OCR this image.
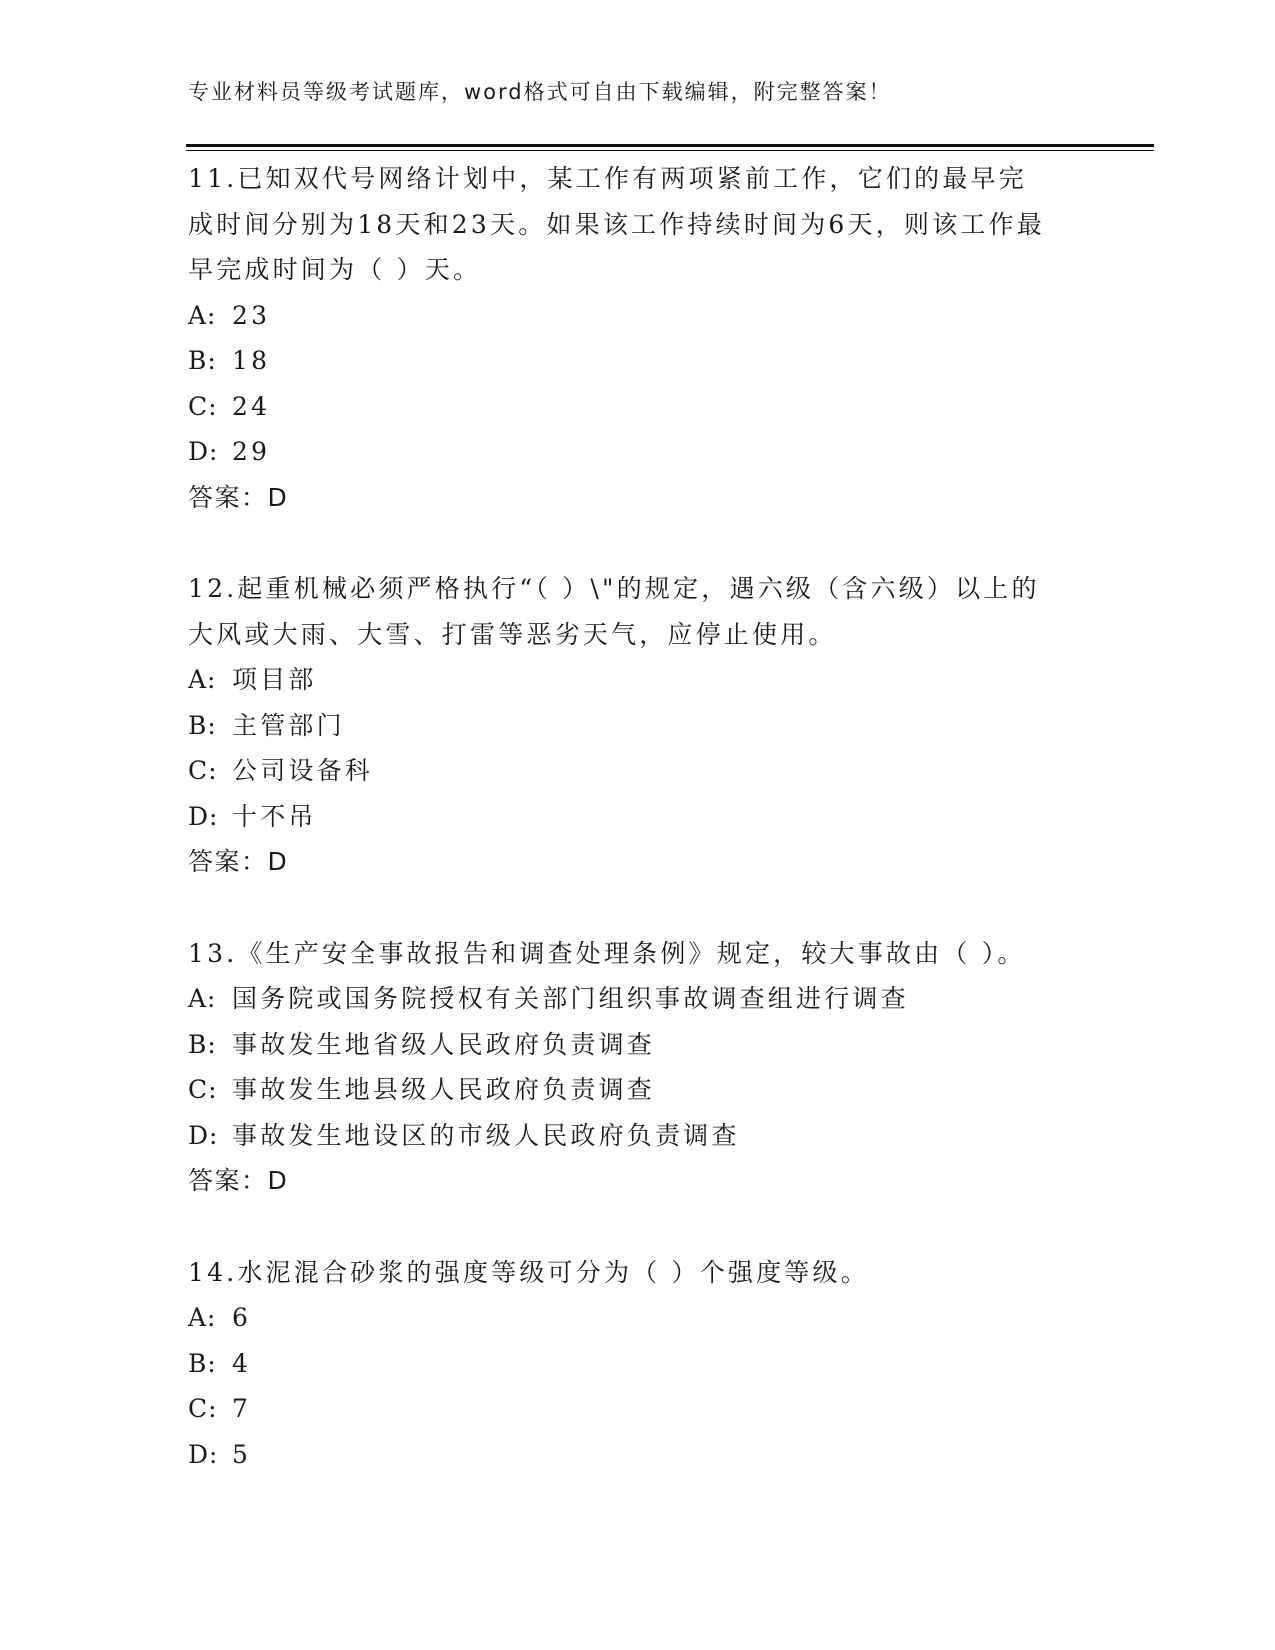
专业材料员等级考试题库，word格式可自由下载编辑，附完整答案！

11.已知双代号网络计划中，某工作有两项紧前工作，它们的最早完成时间分别为18天和23天。如果该工作持续时间为6天，则该工作最早完成时间为（ ）天。

A: 23

B: 18

C: 24

D: 29

答案：D

12.起重机械必须严格执行“（ ）\"的规定，遇六级（含六级）以上的大风或大雨、大雪、打雷等恶劣天气，应停止使用。

A: 项目部

B: 主管部门

C: 公司设备科

D: 十不吊

答案：D

13.《生产安全事故报告和调查处理条例》规定，较大事故由（ ）。

A: 国务院或国务院授权有关部门组织事故调查组进行调查

B: 事故发生地省级人民政府负责调查

C: 事故发生地县级人民政府负责调查

D: 事故发生地设区的市级人民政府负责调查

答案：D

14.水泥混合砂浆的强度等级可分为（ ）个强度等级。

A: 6

B: 4

C: 7

D: 5
